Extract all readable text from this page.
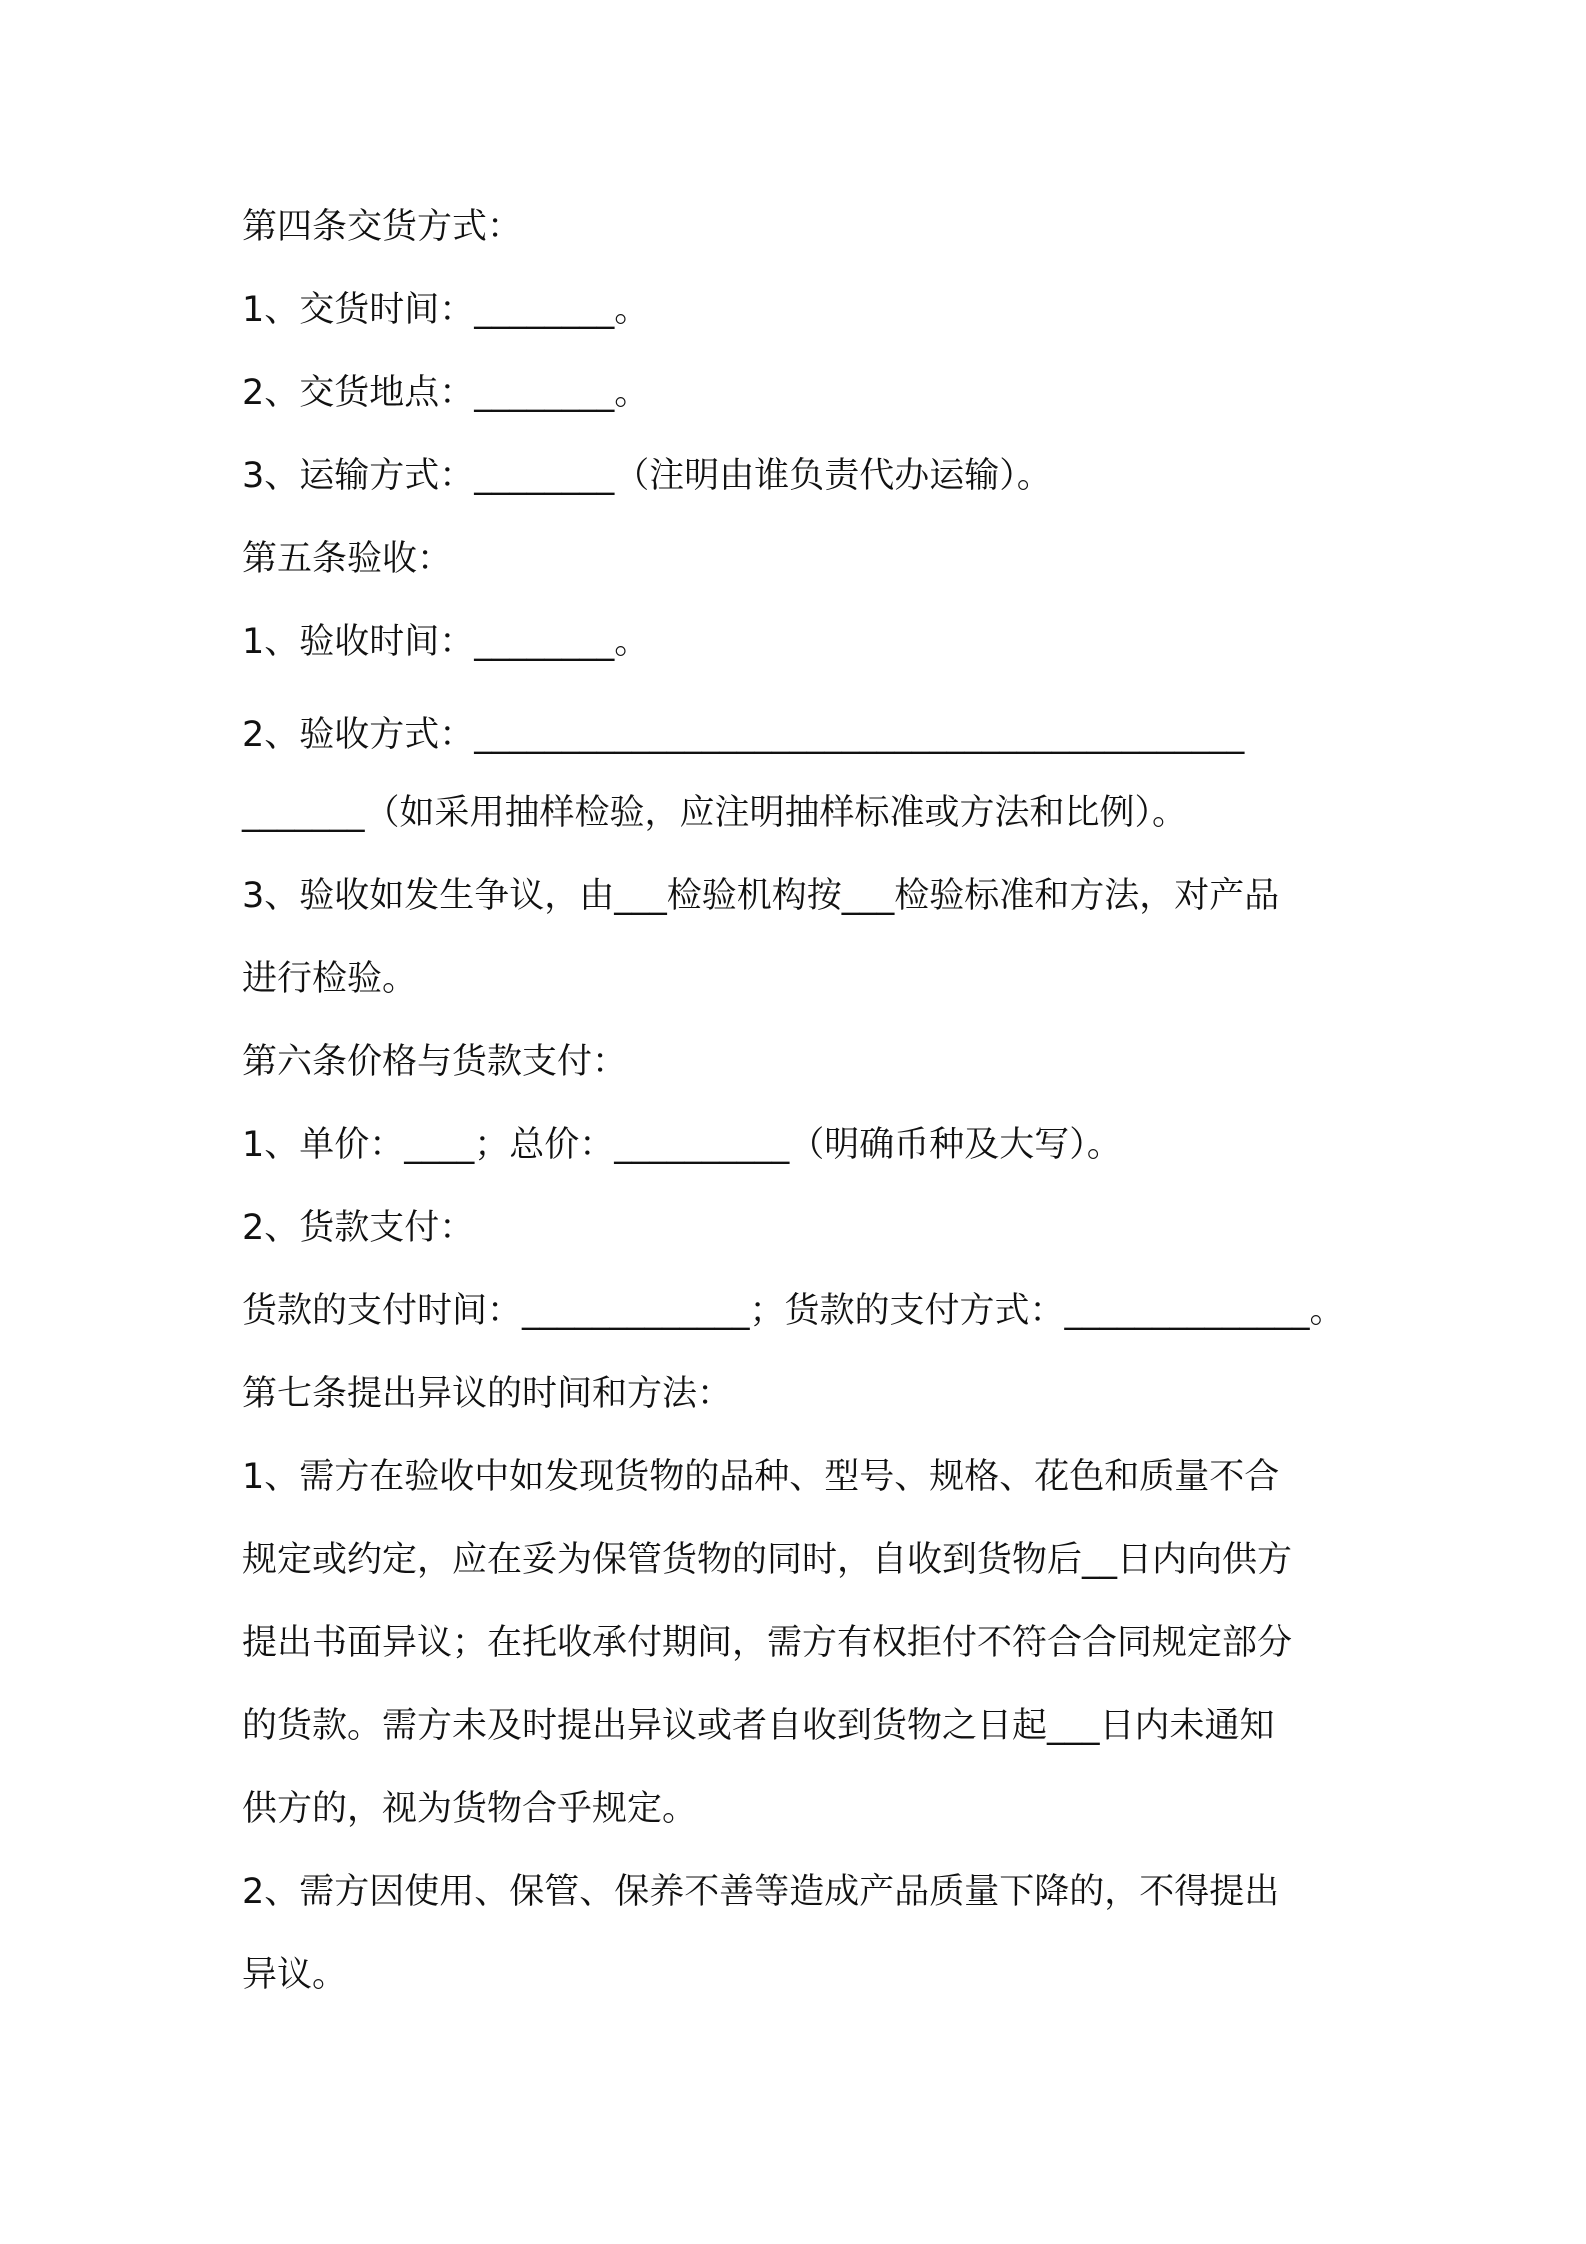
第四条交货方式：

1、交货时间：________。

2、交货地点：________。

3、运输方式：________（注明由谁负责代办运输）。

第五条验收：

1、验收时间：________。

2、验收方式：____________________________________________

_______（如采用抽样检验，应注明抽样标准或方法和比例）。

3、验收如发生争议，由___检验机构按___检验标准和方法，对产品

进行检验。

第六条价格与货款支付：

1、单价：____；总价：__________（明确币种及大写）。

2、货款支付：

货款的支付时间：_____________；货款的支付方式：______________。

第七条提出异议的时间和方法：

1、需方在验收中如发现货物的品种、型号、规格、花色和质量不合

规定或约定，应在妥为保管货物的同时，自收到货物后__日内向供方

提出书面异议；在托收承付期间，需方有权拒付不符合合同规定部分

的货款。需方未及时提出异议或者自收到货物之日起___日内未通知

供方的，视为货物合乎规定。

2、需方因使用、保管、保养不善等造成产品质量下降的，不得提出

异议。
